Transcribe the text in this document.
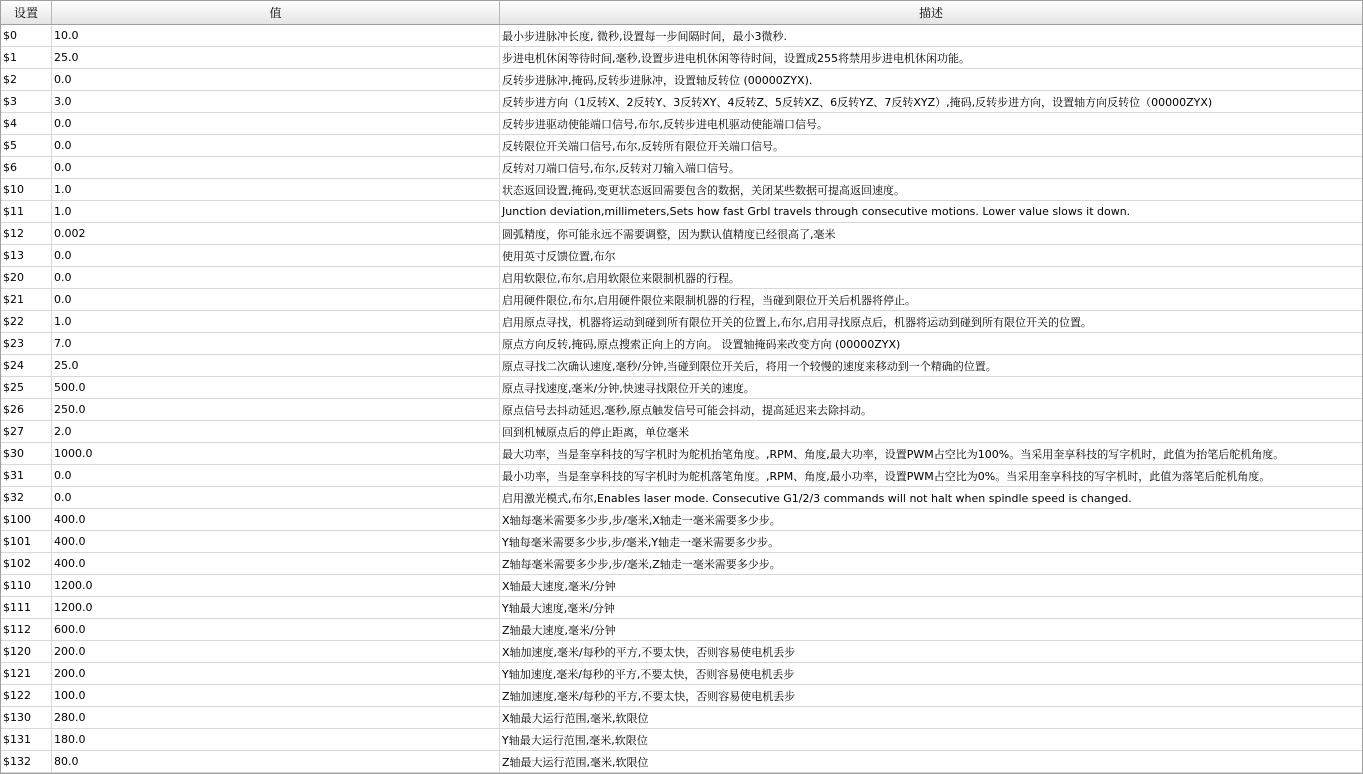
设置	值	描述
$0	10.0	最小步进脉冲长度, 微秒,设置每一步间隔时间，最小3微秒.
$1	25.0	步进电机休闲等待时间,毫秒,设置步进电机休闲等待时间，设置成255将禁用步进电机休闲功能。
$2	0.0	反转步进脉冲,掩码,反转步进脉冲，设置轴反转位 (00000ZYX).
$3	3.0	反转步进方向（1反转X、2反转Y、3反转XY、4反转Z、5反转XZ、6反转YZ、7反转XYZ）,掩码,反转步进方向，设置轴方向反转位（00000ZYX)
$4	0.0	反转步进驱动使能端口信号,布尔,反转步进电机驱动使能端口信号。
$5	0.0	反转限位开关端口信号,布尔,反转所有限位开关端口信号。
$6	0.0	反转对刀端口信号,布尔,反转对刀输入端口信号。
$10	1.0	状态返回设置,掩码,变更状态返回需要包含的数据，关闭某些数据可提高返回速度。
$11	1.0	Junction deviation,millimeters,Sets how fast Grbl travels through consecutive motions. Lower value slows it down.
$12	0.002	圆弧精度，你可能永远不需要调整，因为默认值精度已经很高了,毫米
$13	0.0	使用英寸反馈位置,布尔
$20	0.0	启用软限位,布尔,启用软限位来限制机器的行程。
$21	0.0	启用硬件限位,布尔,启用硬件限位来限制机器的行程，当碰到限位开关后机器将停止。
$22	1.0	启用原点寻找，机器将运动到碰到所有限位开关的位置上,布尔,启用寻找原点后，机器将运动到碰到所有限位开关的位置。
$23	7.0	原点方向反转,掩码,原点搜索正向上的方向。 设置轴掩码来改变方向 (00000ZYX)
$24	25.0	原点寻找二次确认速度,毫秒/分钟,当碰到限位开关后，将用一个较慢的速度来移动到一个精确的位置。
$25	500.0	原点寻找速度,毫米/分钟,快速寻找限位开关的速度。
$26	250.0	原点信号去抖动延迟,毫秒,原点触发信号可能会抖动，提高延迟来去除抖动。
$27	2.0	回到机械原点后的停止距离，单位毫米
$30	1000.0	最大功率，当是奎享科技的写字机时为舵机抬笔角度。,RPM、角度,最大功率，设置PWM占空比为100%。当采用奎享科技的写字机时，此值为抬笔后舵机角度。
$31	0.0	最小功率，当是奎享科技的写字机时为舵机落笔角度。,RPM、角度,最小功率，设置PWM占空比为0%。当采用奎享科技的写字机时，此值为落笔后舵机角度。
$32	0.0	启用激光模式,布尔,Enables laser mode. Consecutive G1/2/3 commands will not halt when spindle speed is changed.
$100	400.0	X轴每毫米需要多少步,步/毫米,X轴走一毫米需要多少步。
$101	400.0	Y轴每毫米需要多少步,步/毫米,Y轴走一毫米需要多少步。
$102	400.0	Z轴每毫米需要多少步,步/毫米,Z轴走一毫米需要多少步。
$110	1200.0	X轴最大速度,毫米/分钟
$111	1200.0	Y轴最大速度,毫米/分钟
$112	600.0	Z轴最大速度,毫米/分钟
$120	200.0	X轴加速度,毫米/每秒的平方,不要太快，否则容易使电机丢步
$121	200.0	Y轴加速度,毫米/每秒的平方,不要太快，否则容易使电机丢步
$122	100.0	Z轴加速度,毫米/每秒的平方,不要太快，否则容易使电机丢步
$130	280.0	X轴最大运行范围,毫米,软限位
$131	180.0	Y轴最大运行范围,毫米,软限位
$132	80.0	Z轴最大运行范围,毫米,软限位
